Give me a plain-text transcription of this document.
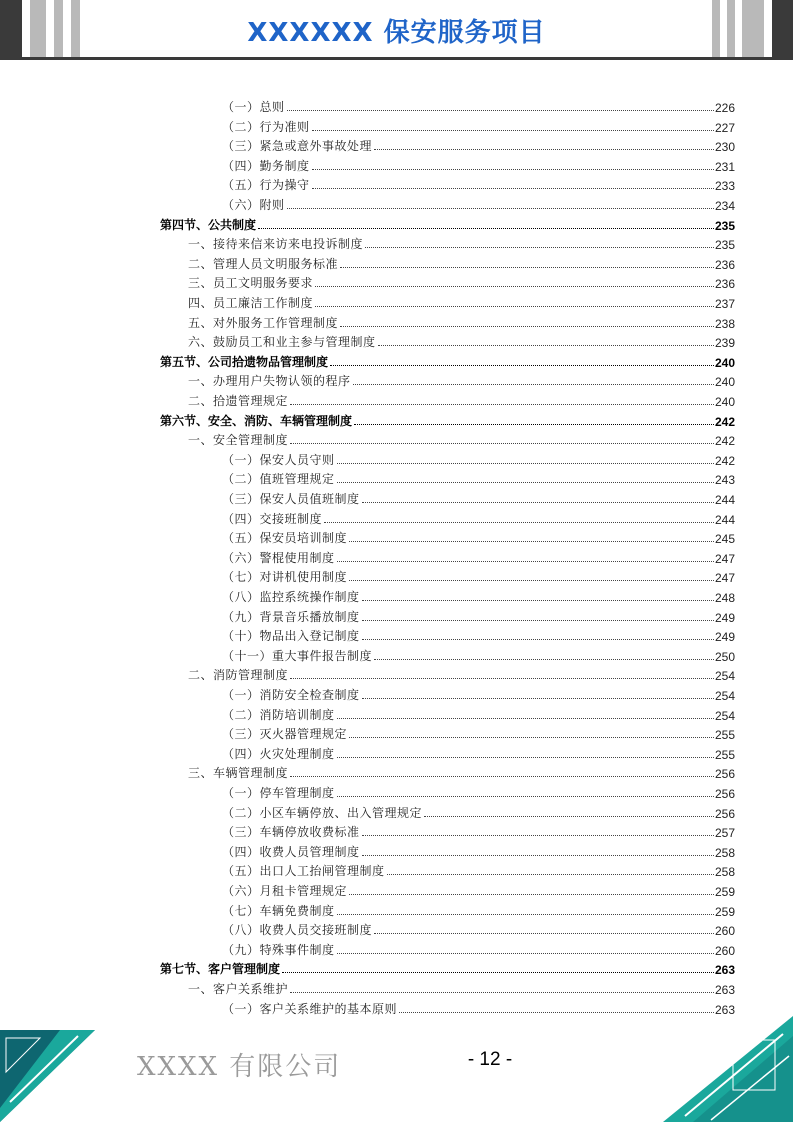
XXXXXX 保安服务项目
（一）总则	226
（二）行为准则	227
（三）紧急或意外事故处理	230
（四）勤务制度	231
（五）行为操守	233
（六）附则	234
第四节、公共制度	235
一、接待来信来访来电投诉制度	235
二、管理人员文明服务标准	236
三、员工文明服务要求	236
四、员工廉洁工作制度	237
五、对外服务工作管理制度	238
六、鼓励员工和业主参与管理制度	239
第五节、公司拾遗物品管理制度	240
一、办理用户失物认领的程序	240
二、拾遗管理规定	240
第六节、安全、消防、车辆管理制度	242
一、安全管理制度	242
（一）保安人员守则	242
（二）值班管理规定	243
（三）保安人员值班制度	244
（四）交接班制度	244
（五）保安员培训制度	245
（六）警棍使用制度	247
（七）对讲机使用制度	247
（八）监控系统操作制度	248
（九）背景音乐播放制度	249
（十）物品出入登记制度	249
（十一）重大事件报告制度	250
二、消防管理制度	254
（一）消防安全检查制度	254
（二）消防培训制度	254
（三）灭火器管理规定	255
（四）火灾处理制度	255
三、车辆管理制度	256
（一）停车管理制度	256
（二）小区车辆停放、出入管理规定	256
（三）车辆停放收费标准	257
（四）收费人员管理制度	258
（五）出口人工抬闸管理制度	258
（六）月租卡管理规定	259
（七）车辆免费制度	259
（八）收费人员交接班制度	260
（九）特殊事件制度	260
第七节、客户管理制度	263
一、客户关系维护	263
（一）客户关系维护的基本原则	263
XXXX 有限公司	- 12 -
